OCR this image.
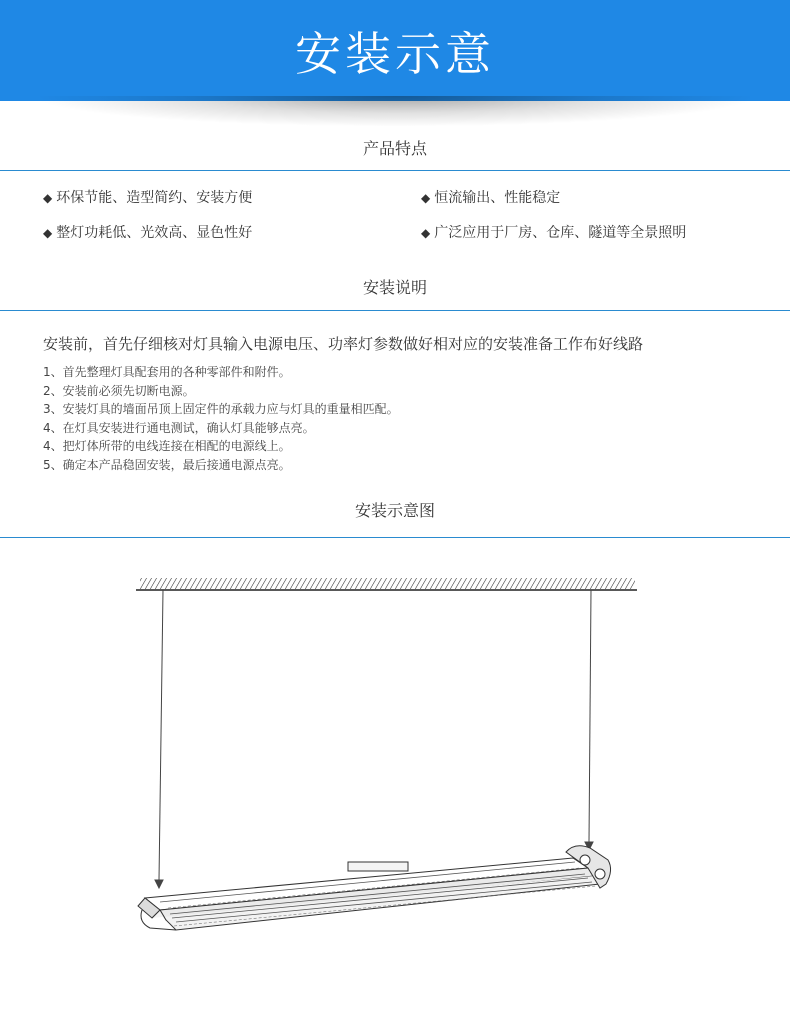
安装示意
产品特点
◆ 环保节能、造型简约、安装方便	◆ 恒流输出、性能稳定
◆ 整灯功耗低、光效高、显色性好	◆ 广泛应用于厂房、仓库、隧道等全景照明
安装说明
安装前，首先仔细核对灯具输入电源电压、功率灯参数做好相对应的安装准备工作布好线路
1、首先整理灯具配套用的各种零部件和附件。
2、安装前必须先切断电源。
3、安装灯具的墙面吊顶上固定件的承载力应与灯具的重量相匹配。
4、在灯具安装进行通电测试，确认灯具能够点亮。
4、把灯体所带的电线连接在相配的电源线上。
5、确定本产品稳固安装，最后接通电源点亮。
安装示意图
